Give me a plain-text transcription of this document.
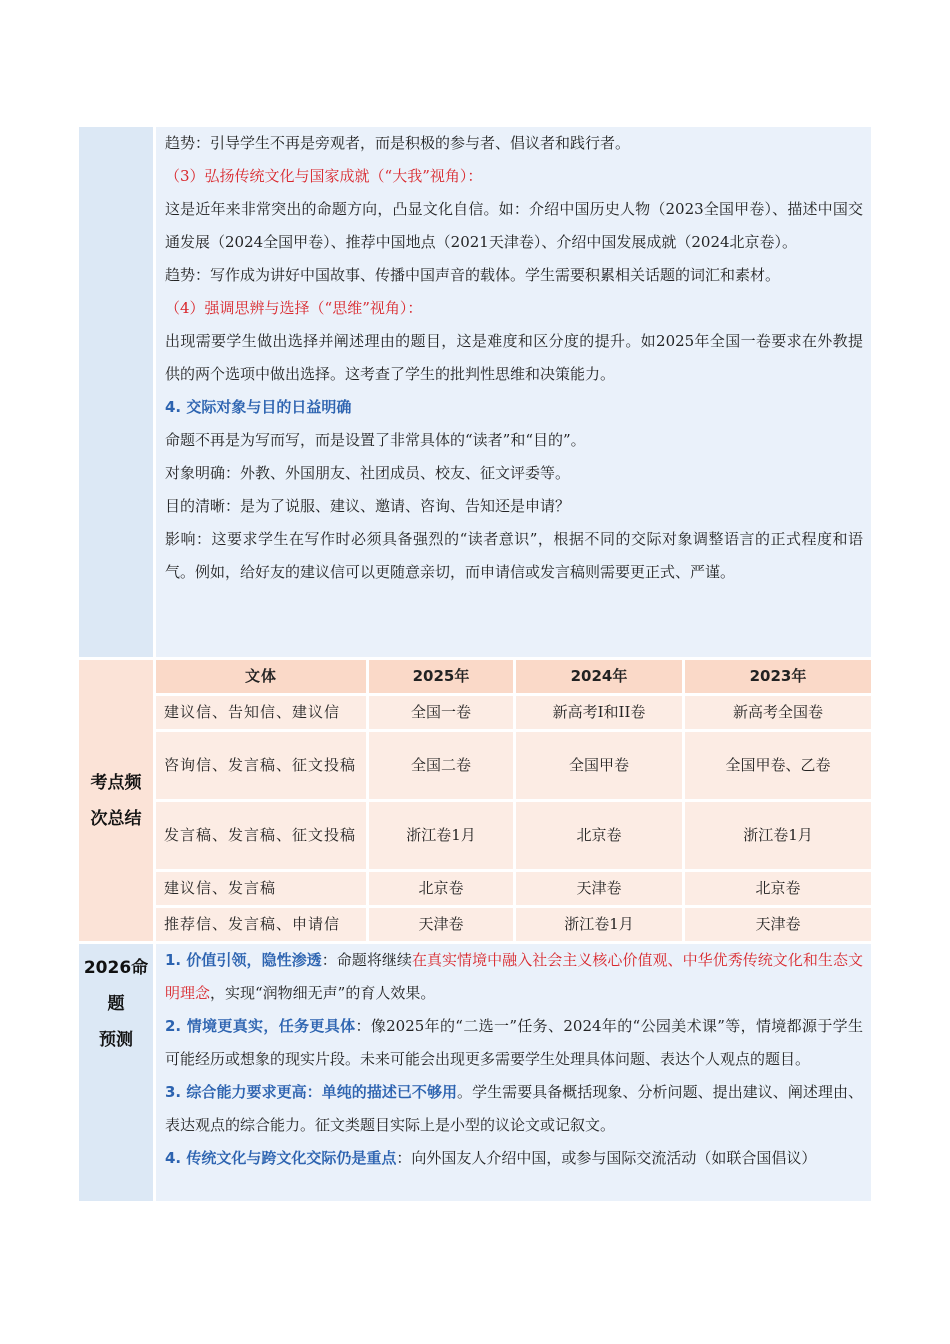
趋势：引导学生不再是旁观者，而是积极的参与者、倡议者和践行者。

（3）弘扬传统文化与国家成就（“大我”视角）：

这是近年来非常突出的命题方向，凸显文化自信。如：介绍中国历史人物（2023全国甲卷）、描述中国交通发展（2024全国甲卷）、推荐中国地点（2021天津卷）、介绍中国发展成就（2024北京卷）。

趋势：写作成为讲好中国故事、传播中国声音的载体。学生需要积累相关话题的词汇和素材。

（4）强调思辨与选择（“思维”视角）：

出现需要学生做出选择并阐述理由的题目，这是难度和区分度的提升。如2025年全国一卷要求在外教提供的两个选项中做出选择。这考查了学生的批判性思维和决策能力。

4. 交际对象与目的日益明确

命题不再是为写而写，而是设置了非常具体的“读者”和“目的”。

对象明确：外教、外国朋友、社团成员、校友、征文评委等。

目的清晰：是为了说服、建议、邀请、咨询、告知还是申请？

影响：这要求学生在写作时必须具备强烈的“读者意识”，根据不同的交际对象调整语言的正式程度和语气。例如，给好友的建议信可以更随意亲切，而申请信或发言稿则需要更正式、严谨。

考点频次总结
文体	2025年	2024年	2023年
建议信、告知信、建议信	全国一卷	新高考I和II卷	新高考全国卷
咨询信、发言稿、征文投稿	全国二卷	全国甲卷	全国甲卷、乙卷
发言稿、发言稿、征文投稿	浙江卷1月	北京卷	浙江卷1月
建议信、发言稿	北京卷	天津卷	北京卷
推荐信、发言稿、申请信	天津卷	浙江卷1月	天津卷
2026命
题
预测

1. 价值引领，隐性渗透：命题将继续在真实情境中融入社会主义核心价值观、中华优秀传统文化和生态文明理念，实现“润物细无声”的育人效果。

2. 情境更真实，任务更具体：像2025年的“二选一”任务、2024年的“公园美术课”等，情境都源于学生可能经历或想象的现实片段。未来可能会出现更多需要学生处理具体问题、表达个人观点的题目。

3. 综合能力要求更高：单纯的描述已不够用。学生需要具备概括现象、分析问题、提出建议、阐述理由、表达观点的综合能力。征文类题目实际上是小型的议论文或记叙文。

4. 传统文化与跨文化交际仍是重点：向外国友人介绍中国，或参与国际交流活动（如联合国倡议）
